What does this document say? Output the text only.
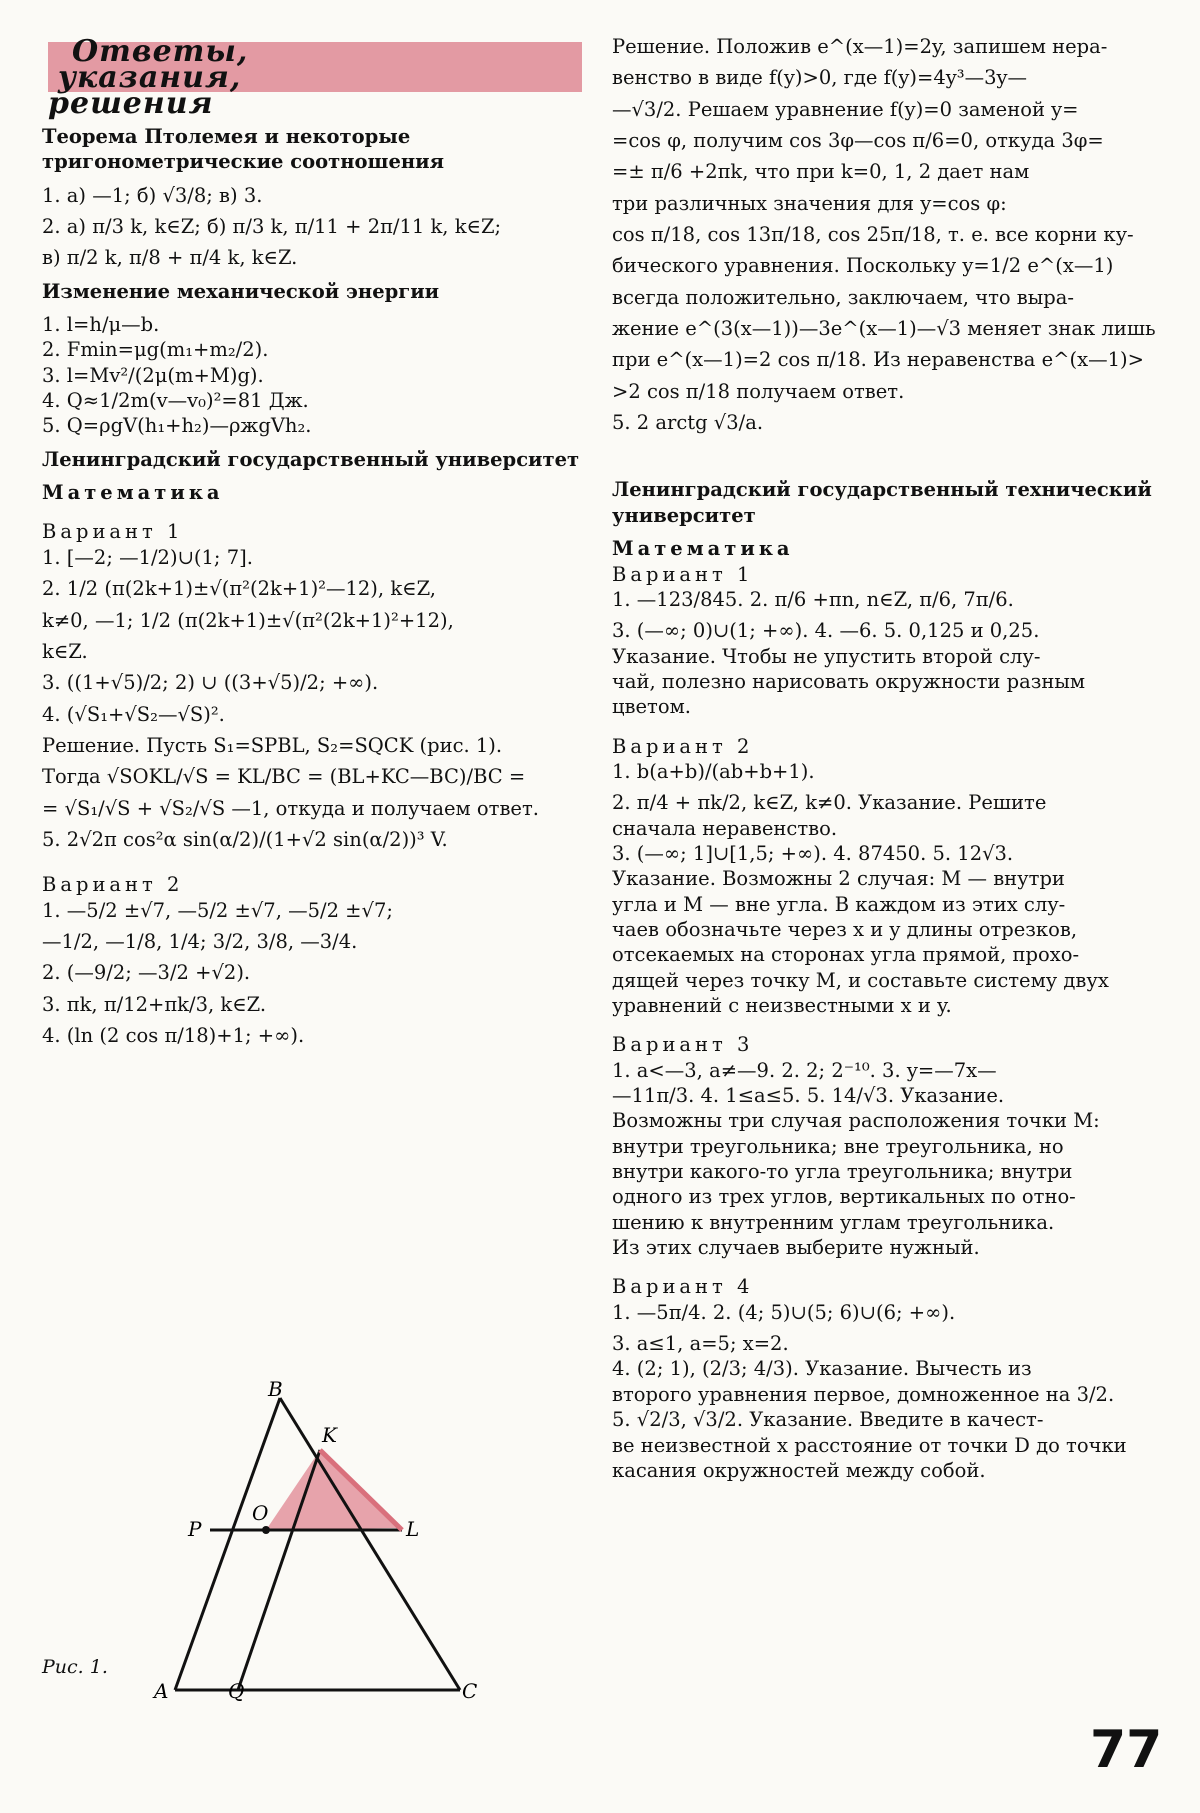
Ответы,
указания,
решения
Теорема Птолемея и некоторые тригонометрические соотношения
1. а) —1; б) √3/8; в) 3.
2. а) π/3 k, k∈Z; б) π/3 k, π/11 + 2π/11 k, k∈Z;
в) π/2 k, π/8 + π/4 k, k∈Z.
Изменение механической энергии
1. l=h/μ—b.
2. Fmin=μg(m₁+m₂/2).
3. l=Mv²/(2μ(m+M)g).
4. Q≈1/2m(v—v₀)²=81 Дж.
5. Q=ρgV(h₁+h₂)—ρжgVh₂.
Ленинградский государственный университет
Математика
Вариант 1
1. [—2; —1/2)∪(1; 7].
2. 1/2 (π(2k+1)±√(π²(2k+1)²—12), k∈Z,
k≠0, —1; 1/2 (π(2k+1)±√(π²(2k+1)²+12),
k∈Z.
3. ((1+√5)/2; 2) ∪ ((3+√5)/2; +∞).
4. (√S₁+√S₂—√S)².
Решение. Пусть S₁=SPBL, S₂=SQCK (рис. 1).
Тогда √SOKL/√S = KL/BC = (BL+KC—BC)/BC =
= √S₁/√S + √S₂/√S —1, откуда и получаем ответ.
5. 2√2π cos²α sin(α/2)/(1+√2 sin(α/2))³ V.
Вариант 2
1. —5/2 ±√7, —5/2 ±√7, —5/2 ±√7;
—1/2, —1/8, 1/4; 3/2, 3/8, —3/4.
2. (—9/2; —3/2 +√2).
3. πk, π/12+πk/3, k∈Z.
4. (ln (2 cos π/18)+1; +∞).
B
K
P
O
L
A	Q	C
Рис. 1.
Решение. Положив e^(x—1)=2y, запишем нера-
венство в виде f(y)>0, где f(y)=4y³—3y—
—√3/2. Решаем уравнение f(y)=0 заменой y=
=cos φ, получим cos 3φ—cos π/6=0, откуда 3φ=
=± π/6 +2πk, что при k=0, 1, 2 дает нам
три различных значения для y=cos φ:
cos π/18, cos 13π/18, cos 25π/18, т. е. все корни ку-
бического уравнения. Поскольку y=1/2 e^(x—1)
всегда положительно, заключаем, что выра-
жение e^(3(x—1))—3e^(x—1)—√3 меняет знак лишь
при e^(x—1)=2 cos π/18. Из неравенства e^(x—1)>
>2 cos π/18 получаем ответ.
5. 2 arctg √3/a.
Ленинградский государственный технический университет
Математика
Вариант 1
1. —123/845. 2. π/6 +πn, n∈Z, π/6, 7π/6.
3. (—∞; 0)∪(1; +∞). 4. —6. 5. 0,125 и 0,25.
Указание. Чтобы не упустить второй слу-
чай, полезно нарисовать окружности разным
цветом.
Вариант 2
1. b(a+b)/(ab+b+1).
2. π/4 + πk/2, k∈Z, k≠0. Указание. Решите
сначала неравенство.
3. (—∞; 1]∪[1,5; +∞). 4. 87450. 5. 12√3.
Указание. Возможны 2 случая: M — внутри
угла и M — вне угла. В каждом из этих слу-
чаев обозначьте через x и y длины отрезков,
отсекаемых на сторонах угла прямой, прохо-
дящей через точку M, и составьте систему двух
уравнений с неизвестными x и y.
Вариант 3
1. a<—3, a≠—9. 2. 2; 2⁻¹⁰. 3. y=—7x—
—11π/3. 4. 1≤a≤5. 5. 14/√3. Указание.
Возможны три случая расположения точки M:
внутри треугольника; вне треугольника, но
внутри какого-то угла треугольника; внутри
одного из трех углов, вертикальных по отно-
шению к внутренним углам треугольника.
Из этих случаев выберите нужный.
Вариант 4
1. —5π/4. 2. (4; 5)∪(5; 6)∪(6; +∞).
3. a≤1, a=5; x=2.
4. (2; 1), (2/3; 4/3). Указание. Вычесть из
второго уравнения первое, домноженное на 3/2.
5. √2/3, √3/2. Указание. Введите в качест-
ве неизвестной x расстояние от точки D до точки
касания окружностей между собой.
77
